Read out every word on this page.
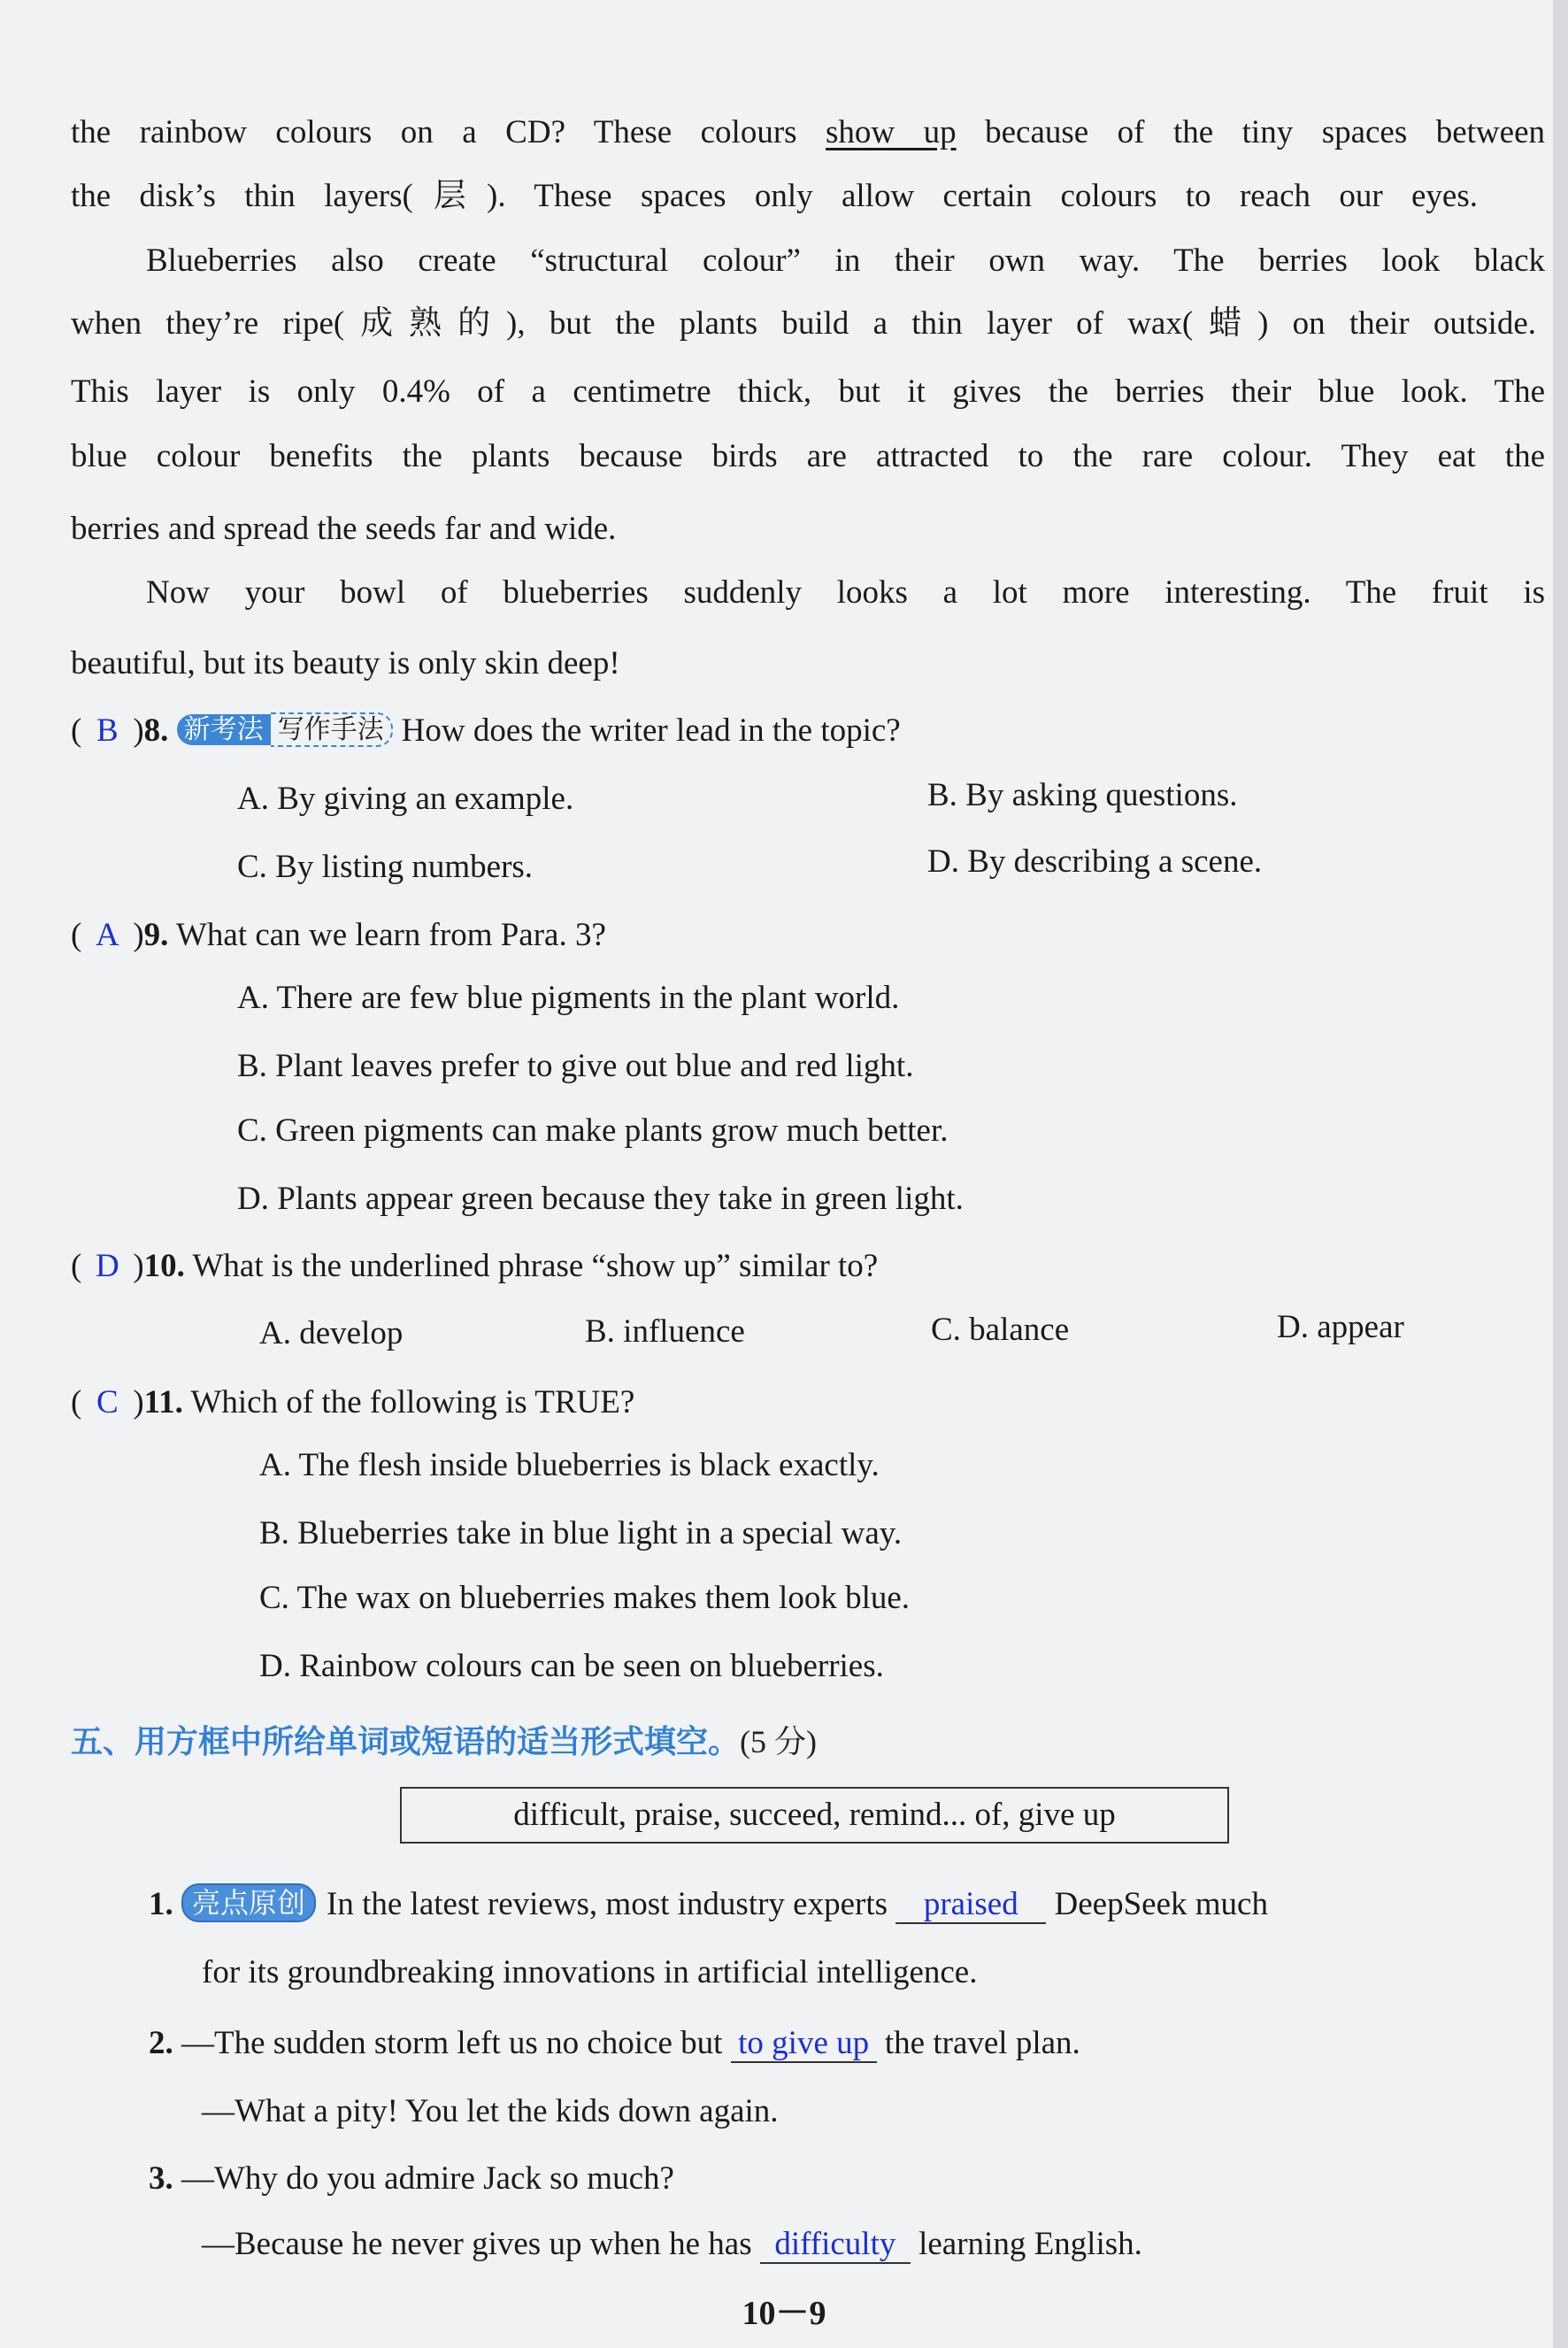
the rainbow colours on a CD? These colours show up because of the tiny spaces between
the disk’s thin layers(层). These spaces only allow certain colours to reach our eyes.
Blueberries also create “structural colour” in their own way. The berries look black
when they’re ripe(成熟的), but the plants build a thin layer of wax(蜡) on their outside.
This layer is only 0.4% of a centimetre thick, but it gives the berries their blue look. The
blue colour benefits the plants because birds are attracted to the rare colour. They eat the
berries and spread the seeds far and wide.
Now your bowl of blueberries suddenly looks a lot more interesting. The fruit is
beautiful, but its beauty is only skin deep!
( B )8. 新考法 写作手法 How does the writer lead in the topic?
A. By giving an example.	B. By asking questions.
C. By listing numbers.	D. By describing a scene.
( A )9. What can we learn from Para. 3?
A. There are few blue pigments in the plant world.
B. Plant leaves prefer to give out blue and red light.
C. Green pigments can make plants grow much better.
D. Plants appear green because they take in green light.
( D )10. What is the underlined phrase “show up” similar to?
A. develop	B. influence	C. balance	D. appear
( C )11. Which of the following is TRUE?
A. The flesh inside blueberries is black exactly.
B. Blueberries take in blue light in a special way.
C. The wax on blueberries makes them look blue.
D. Rainbow colours can be seen on blueberries.
五、用方框中所给单词或短语的适当形式填空。(5 分)
difficult, praise, succeed, remind... of, give up
1. 亮点原创 In the latest reviews, most industry experts praised DeepSeek much
for its groundbreaking innovations in artificial intelligence.
2. —The sudden storm left us no choice but to give up the travel plan.
—What a pity! You let the kids down again.
3. —Why do you admire Jack so much?
—Because he never gives up when he has difficulty learning English.
10－9
